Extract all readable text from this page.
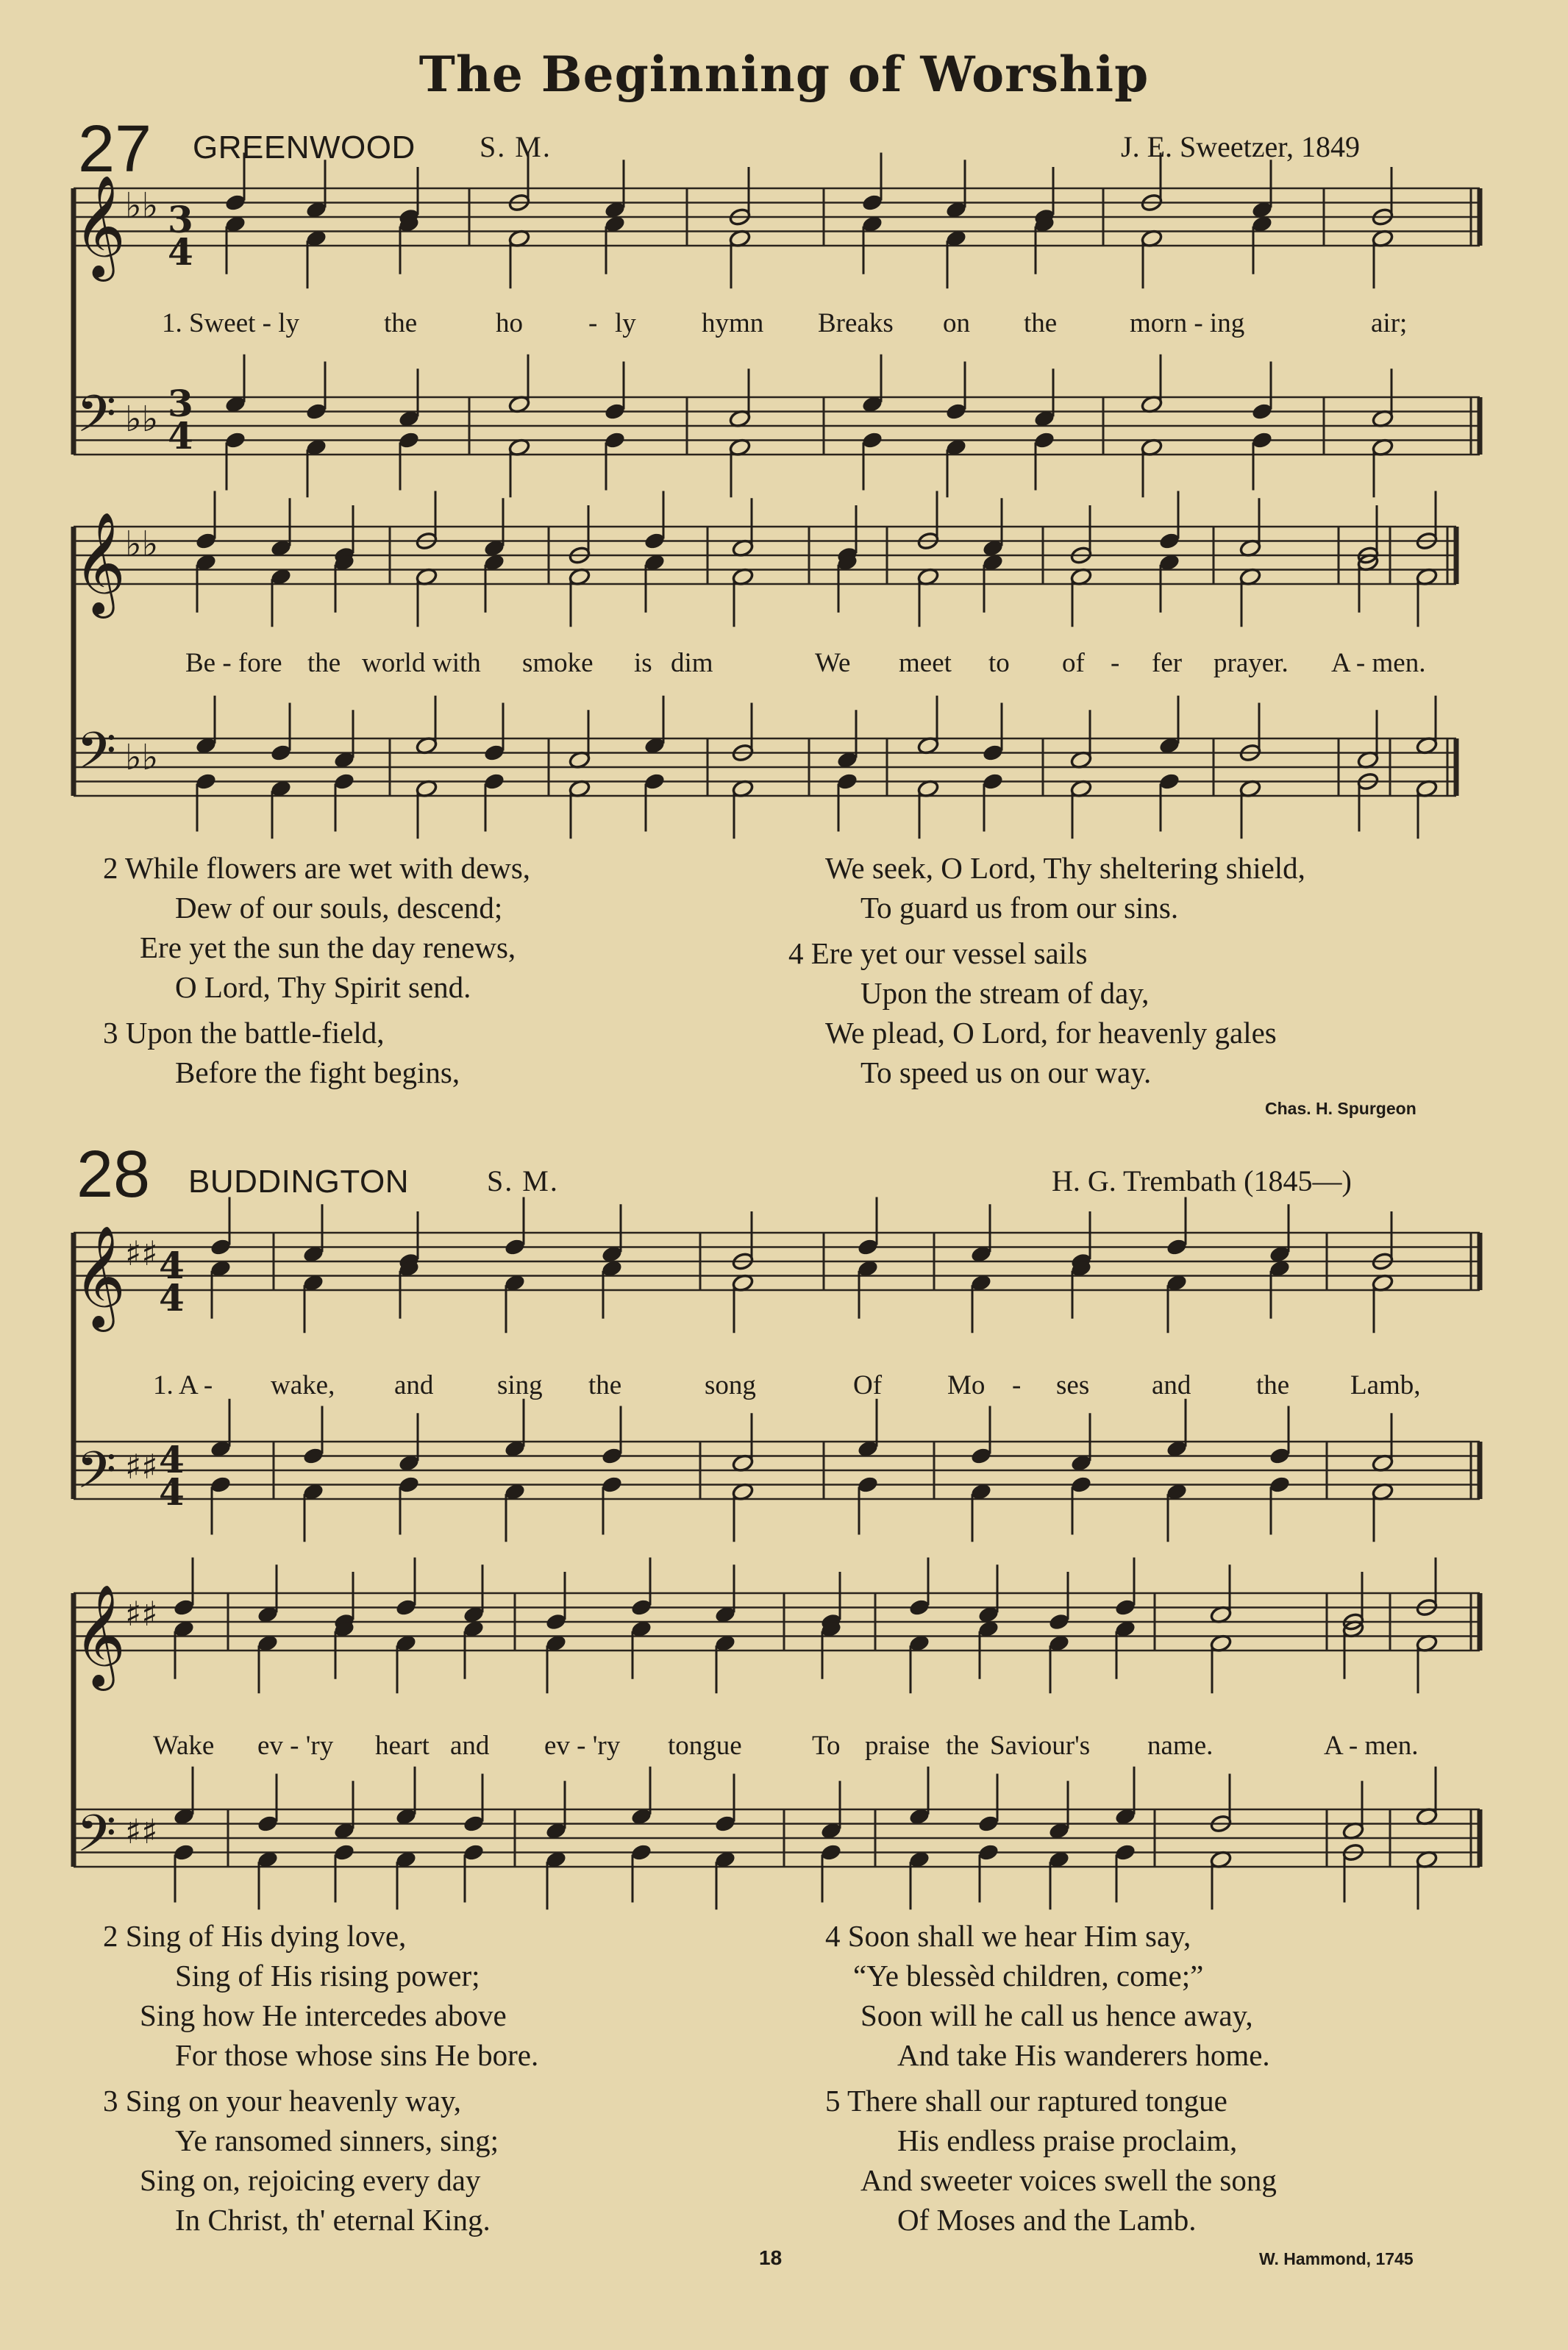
The Beginning of Worship
27 GREENWOOD S. M.	J. E. Sweetzer, 1849
𝄞
𝄢
♭♭
♭♭
3
4
3
4
𝄞
𝄢
♭♭
♭♭
𝄞
𝄢
♯♯
♯♯
4
4
4
4
𝄞
𝄢
♯♯
♯♯
1. Sweet - ly	the	ho - ly hymn Breaks on the	morn - ing	air;
Be - fore the world with smoke is dim	We meet to of - fer prayer. A - men.
2 While flowers are wet with dews,
Dew of our souls, descend;
Ere yet the sun the day renews,
O Lord, Thy Spirit send.
3 Upon the battle-field,
Before the fight begins,
We seek, O Lord, Thy sheltering shield,
To guard us from our sins.
4 Ere yet our vessel sails
Upon the stream of day,
We plead, O Lord, for heavenly gales
To speed us on our way.
Chas. H. Spurgeon
28 BUDDINGTON	S. M.	H. G. Trembath (1845—)
1. A - wake, and sing the	song	Of Mo - ses and the Lamb,
Wake ev - 'ry heart and ev - 'ry tongue	To praise the Saviour's name.	A - men.
2 Sing of His dying love,
Sing of His rising power;
Sing how He intercedes above
For those whose sins He bore.
3 Sing on your heavenly way,
Ye ransomed sinners, sing;
Sing on, rejoicing every day
In Christ, th' eternal King.
4 Soon shall we hear Him say,
“Ye blessèd children, come;”
Soon will he call us hence away,
And take His wanderers home.
5 There shall our raptured tongue
His endless praise proclaim,
And sweeter voices swell the song
Of Moses and the Lamb.
18	W. Hammond, 1745
